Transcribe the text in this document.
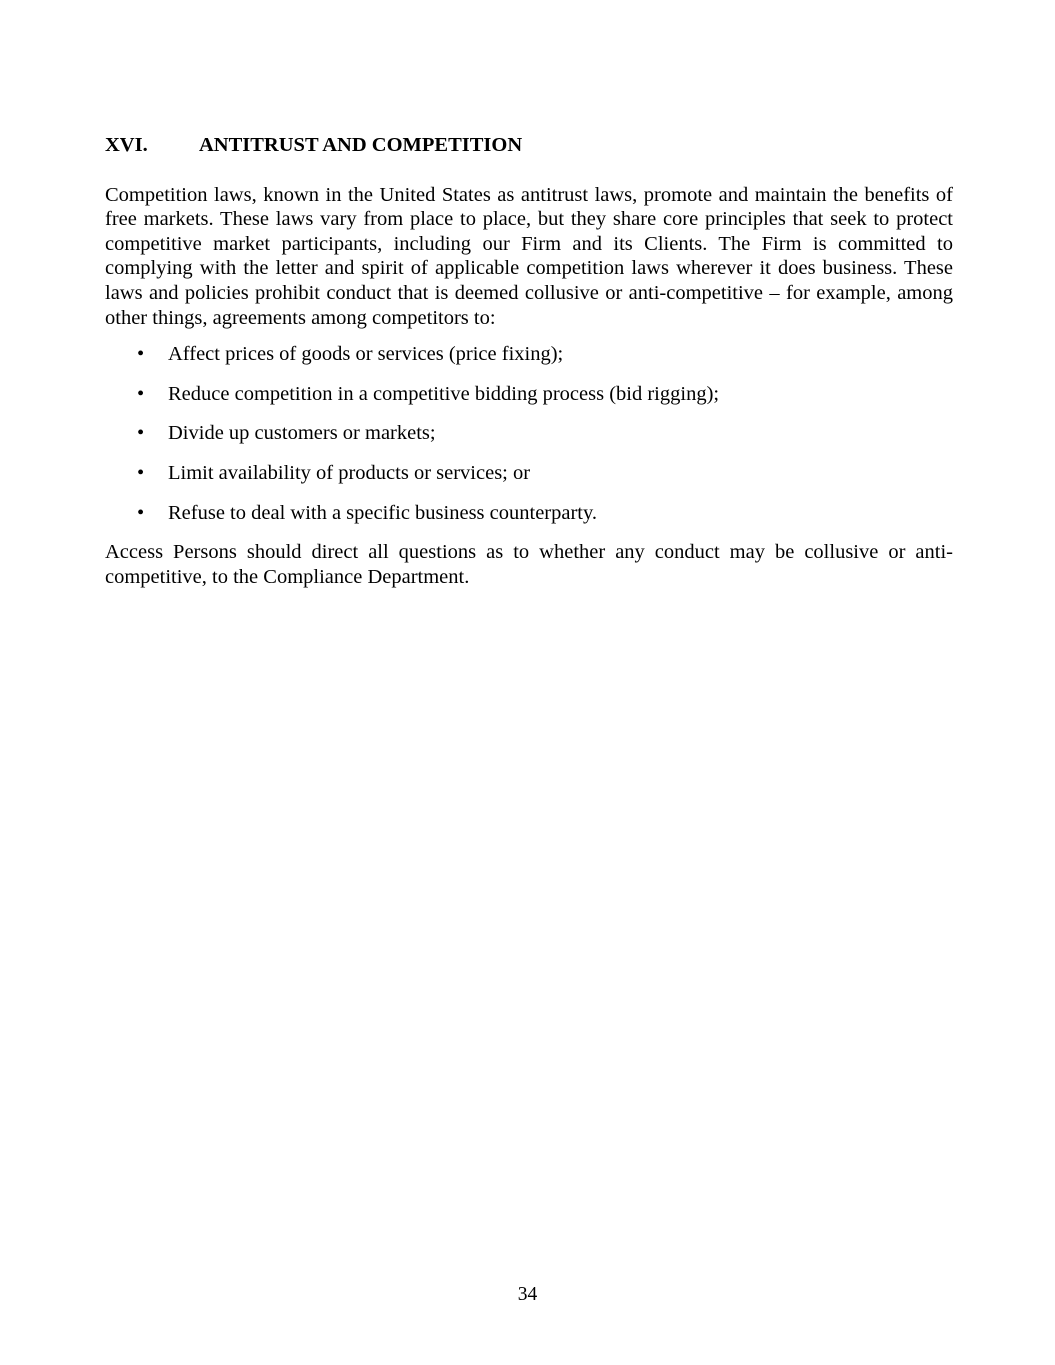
XVI.	ANTITRUST AND COMPETITION

Competition laws, known in the United States as antitrust laws, promote and maintain the benefits of free markets. These laws vary from place to place, but they share core principles that seek to protect competitive market participants, including our Firm and its Clients. The Firm is committed to complying with the letter and spirit of applicable competition laws wherever it does business. These laws and policies prohibit conduct that is deemed collusive or anti-competitive – for example, among other things, agreements among competitors to:

•	Affect prices of goods or services (price fixing);
•	Reduce competition in a competitive bidding process (bid rigging);
•	Divide up customers or markets;
•	Limit availability of products or services; or
•	Refuse to deal with a specific business counterparty.

Access Persons should direct all questions as to whether any conduct may be collusive or anti-competitive, to the Compliance Department.

34
